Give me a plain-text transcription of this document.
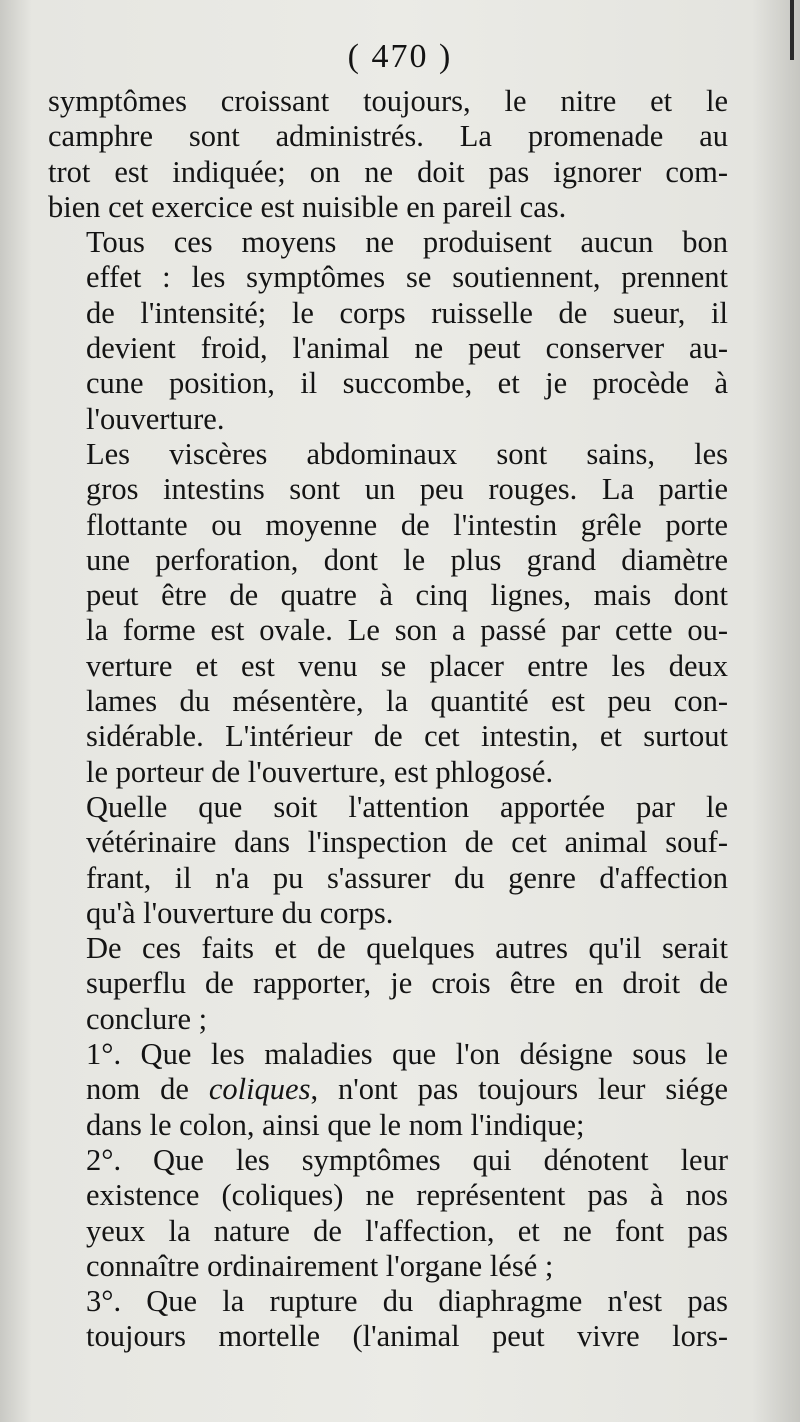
( 470 )
symptômes croissant toujours, le nitre et le
camphre sont administrés. La promenade au
trot est indiquée; on ne doit pas ignorer com-
bien cet exercice est nuisible en pareil cas.
Tous ces moyens ne produisent aucun bon
effet : les symptômes se soutiennent, prennent
de l'intensité; le corps ruisselle de sueur, il
devient froid, l'animal ne peut conserver au-
cune position, il succombe, et je procède à
l'ouverture.
Les viscères abdominaux sont sains, les
gros intestins sont un peu rouges. La partie
flottante ou moyenne de l'intestin grêle porte
une perforation, dont le plus grand diamètre
peut être de quatre à cinq lignes, mais dont
la forme est ovale. Le son a passé par cette ou-
verture et est venu se placer entre les deux
lames du mésentère, la quantité est peu con-
sidérable. L'intérieur de cet intestin, et surtout
le porteur de l'ouverture, est phlogosé.
Quelle que soit l'attention apportée par le
vétérinaire dans l'inspection de cet animal souf-
frant, il n'a pu s'assurer du genre d'affection
qu'à l'ouverture du corps.
De ces faits et de quelques autres qu'il serait
superflu de rapporter, je crois être en droit de
conclure ;
1°. Que les maladies que l'on désigne sous le
nom de coliques, n'ont pas toujours leur siége
dans le colon, ainsi que le nom l'indique;
2°. Que les symptômes qui dénotent leur
existence (coliques) ne représentent pas à nos
yeux la nature de l'affection, et ne font pas
connaître ordinairement l'organe lésé ;
3°. Que la rupture du diaphragme n'est pas
toujours mortelle (l'animal peut vivre lors-
